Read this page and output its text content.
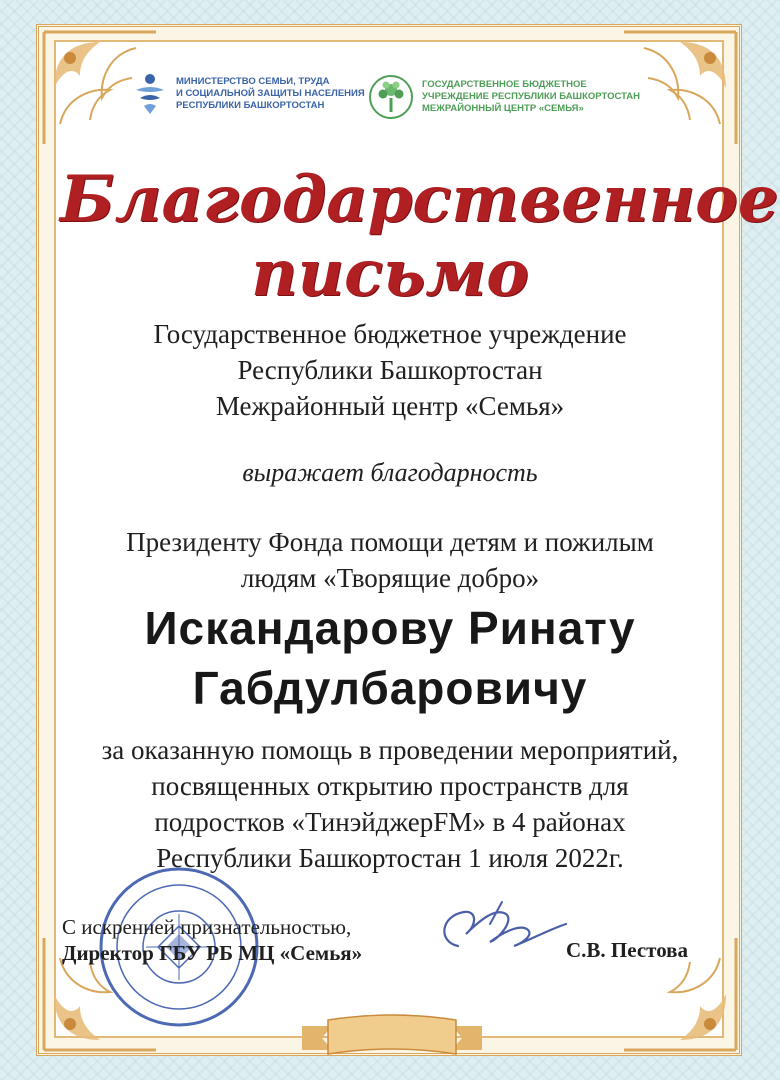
МИНИСТЕРСТВО СЕМЬИ, ТРУДА
И СОЦИАЛЬНОЙ ЗАЩИТЫ НАСЕЛЕНИЯ
РЕСПУБЛИКИ БАШКОРТОСТАН
ГОСУДАРСТВЕННОЕ БЮДЖЕТНОЕ
УЧРЕЖДЕНИЕ РЕСПУБЛИКИ БАШКОРТОСТАН
МЕЖРАЙОННЫЙ ЦЕНТР «СЕМЬЯ»
Благодарственное
письмо
Государственное бюджетное учреждение
Республики Башкортостан
Межрайонный центр «Семья»
выражает благодарность
Президенту Фонда помощи детям и пожилым
людям «Творящие добро»
Искандарову Ринату
Габдулбаровичу
за оказанную помощь в проведении мероприятий,
посвященных открытию пространств для
подростков «ТинэйджерFM» в 4 районах
Республики Башкортостан 1 июля 2022г.
С искренней признательностью,
Директор ГБУ РБ МЦ «Семья»	С.В. Пестова
